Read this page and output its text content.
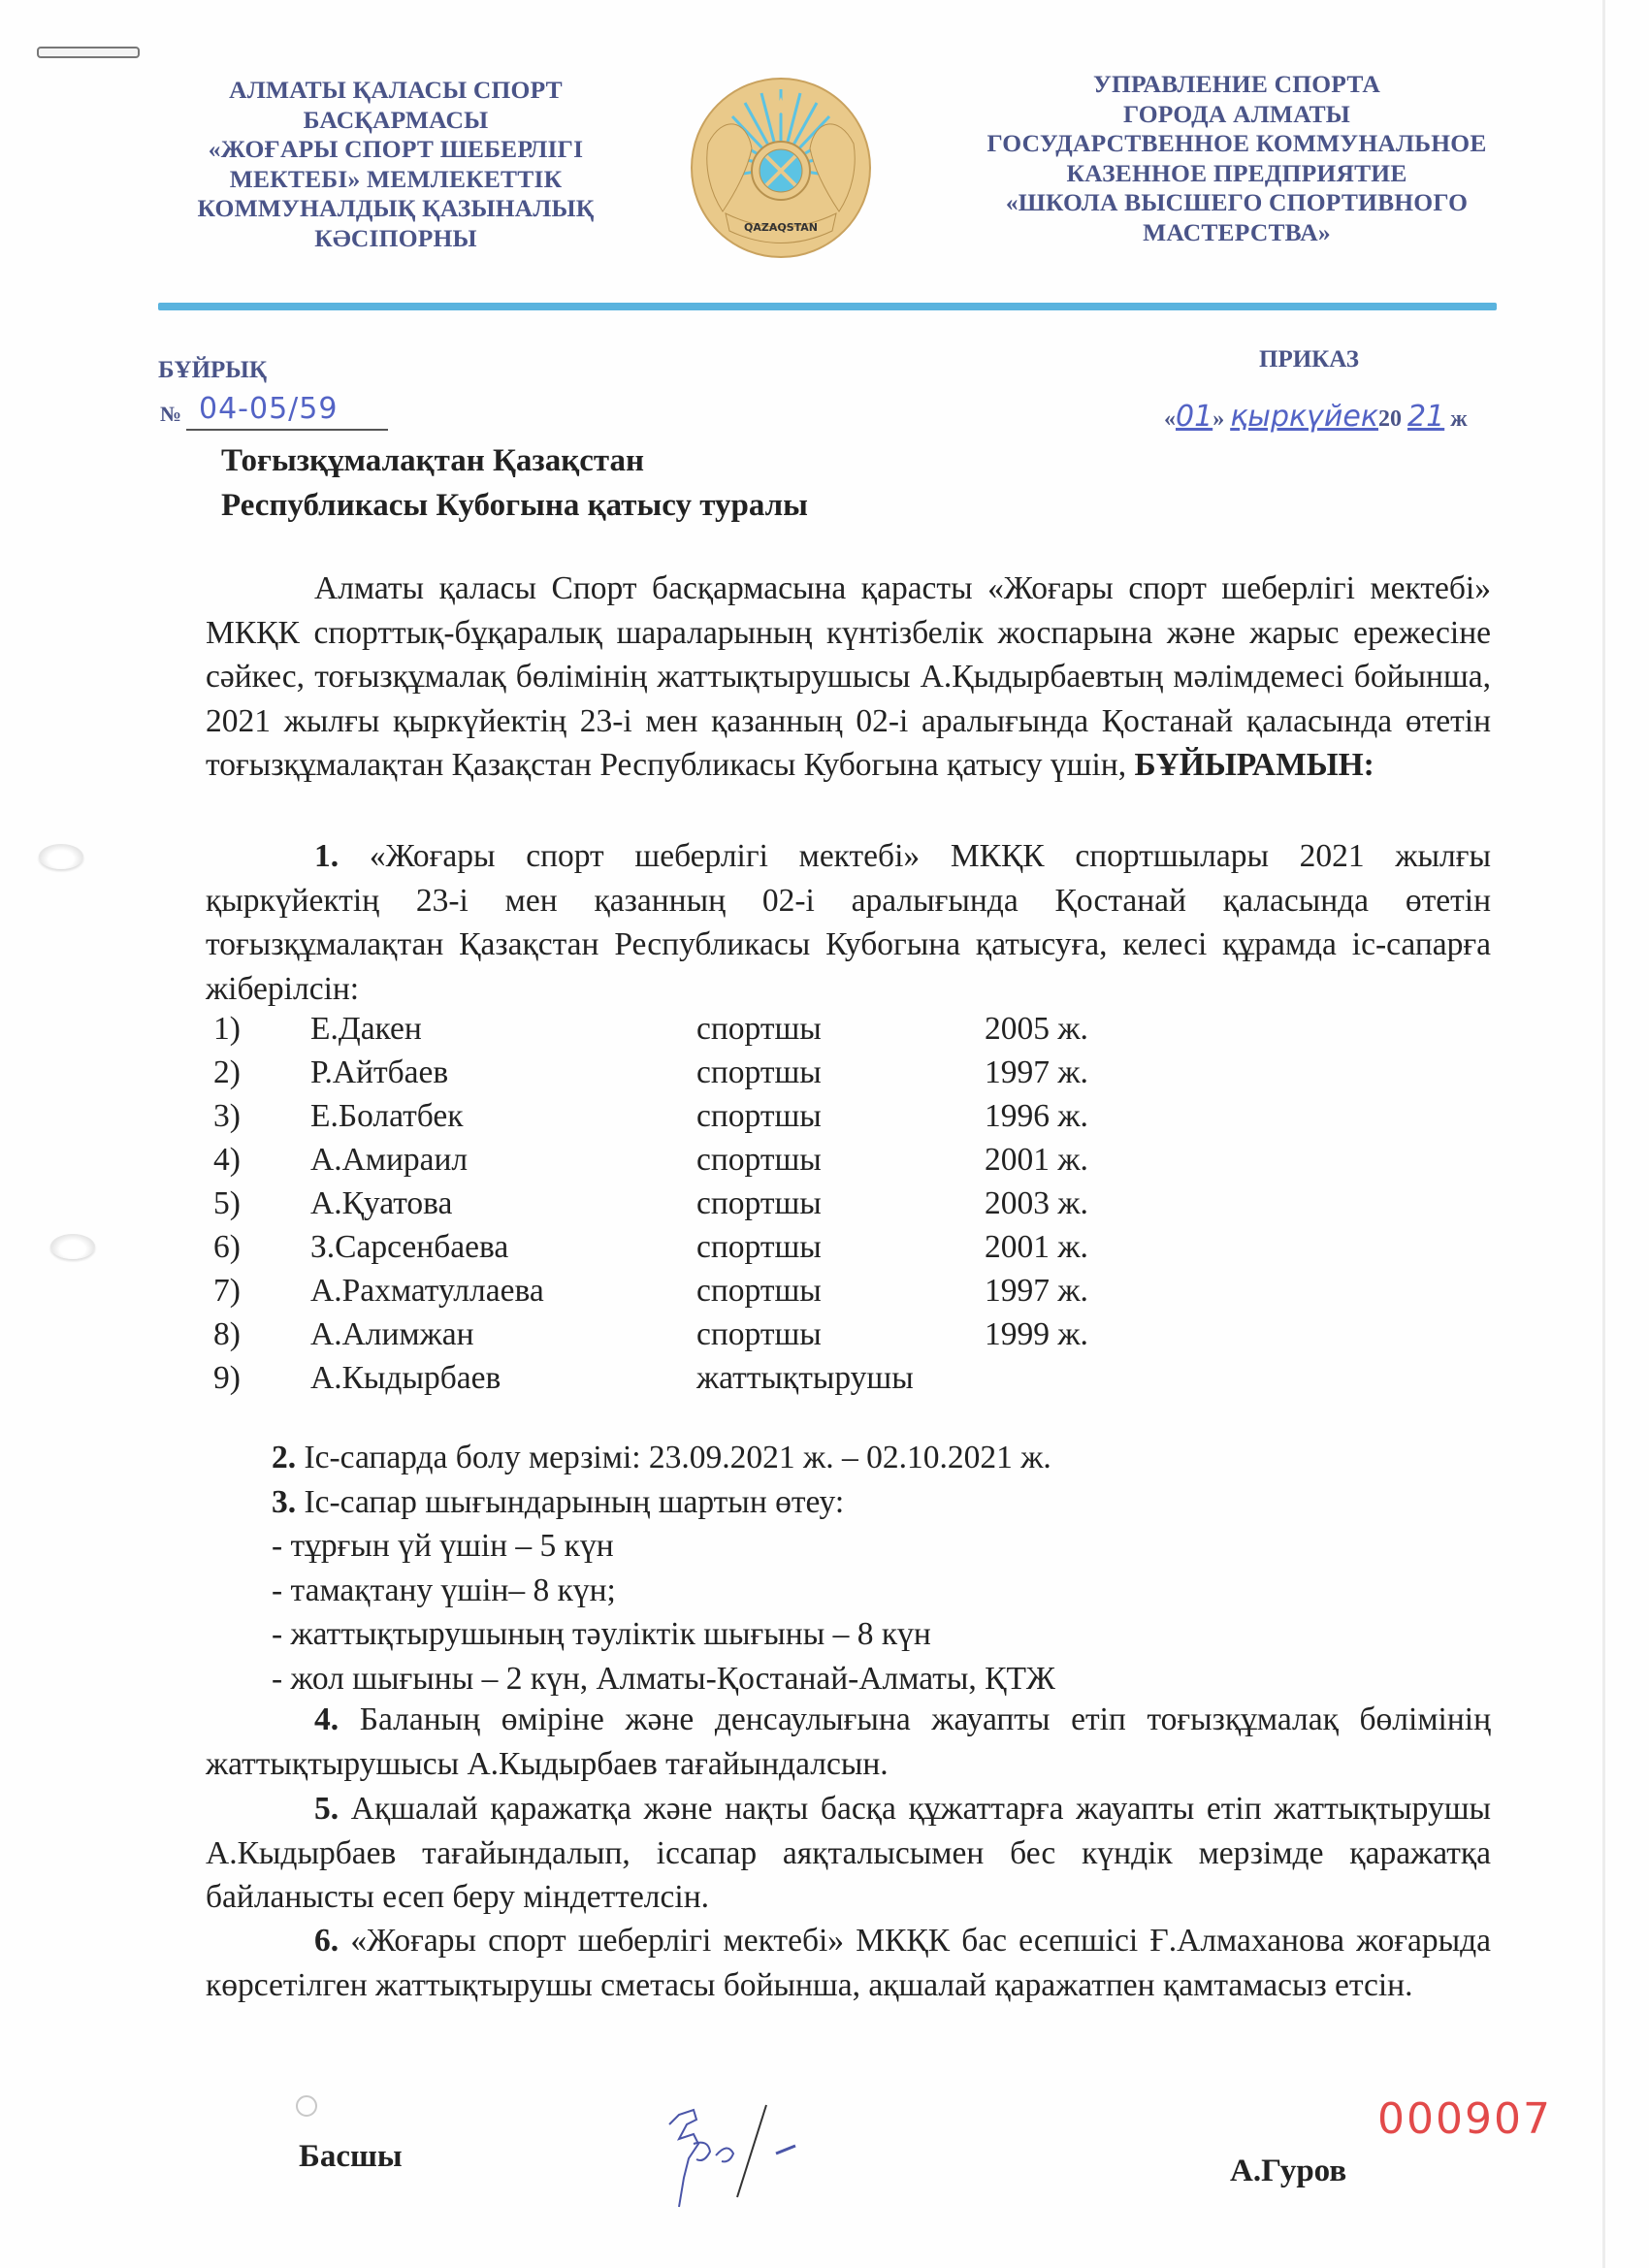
АЛМАТЫ ҚАЛАСЫ СПОРТ
БАСҚАРМАСЫ
«ЖОҒАРЫ СПОРТ ШЕБЕРЛІГІ
МЕКТЕБІ» МЕМЛЕКЕТТІК
КОММУНАЛДЫҚ ҚАЗЫНАЛЫҚ
КӘСІПОРНЫ	QAZAQSTAN
УПРАВЛЕНИЕ СПОРТА
ГОРОДА АЛМАТЫ
ГОСУДАРСТВЕННОЕ КОММУНАЛЬНОЕ
КАЗЕННОЕ ПРЕДПРИЯТИЕ
«ШКОЛА ВЫСШЕГО СПОРТИВНОГО
МАСТЕРСТВА»
БҰЙРЫҚ	ПРИКАЗ
№ 04-05/59	«01» қыркүйек20 21 ж
Тоғызқұмалақтан Қазақстан
Республикасы Кубогына қатысу туралы

Алматы қаласы Спорт басқармасына қарасты «Жоғары спорт шеберлігі мектебі» МКҚК спорттық-бұқаралық шараларының күнтізбелік жоспарына және жарыс ережесіне сәйкес, тоғызқұмалақ бөлімінің жаттықтырушысы А.Қыдырбаевтың мәлімдемесі бойынша, 2021 жылғы қыркүйектің 23-і мен қазанның 02-і аралығында Қостанай қаласында өтетін тоғызқұмалақтан Қазақстан Республикасы Кубогына қатысу үшін, БҰЙЫРАМЫН:

1. «Жоғары спорт шеберлігі мектебі» МКҚК спортшылары 2021 жылғы қыркүйектің 23-і мен қазанның 02-і аралығында Қостанай қаласында өтетін тоғызқұмалақтан Қазақстан Республикасы Кубогына қатысуға, келесі құрамда іс-сапарға жіберілсін:

1) Е.Дакен	спортшы	2005 ж.
2) Р.Айтбаев	спортшы	1997 ж.
3) Е.Болатбек	спортшы	1996 ж.
4) А.Амираил	спортшы	2001 ж.
5) А.Қуатова	спортшы	2003 ж.
6) З.Сарсенбаева	спортшы	2001 ж.
7) А.Рахматуллаева	спортшы	1997 ж.
8) А.Алимжан	спортшы	1999 ж.
9) А.Кыдырбаев	жаттықтырушы

2. Іс-сапарда болу мерзімі: 23.09.2021 ж. – 02.10.2021 ж.

3. Іс-сапар шығындарының шартын өтеу:

- тұрғын үй үшін – 5 күн

- тамақтану үшін– 8 күн;

- жаттықтырушының тәуліктік шығыны – 8 күн

- жол шығыны – 2 күн, Алматы-Қостанай-Алматы, ҚТЖ

4. Баланың өміріне және денсаулығына жауапты етіп тоғызқұмалақ бөлімінің жаттықтырушысы А.Кыдырбаев тағайындалсын.

5. Ақшалай қаражатқа және нақты басқа құжаттарға жауапты етіп жаттықтырушы А.Кыдырбаев тағайындалып, іссапар аяқталысымен бес күндік мерзімде қаражатқа байланысты есеп беру міндеттелсін.

6. «Жоғары спорт шеберлігі мектебі» МКҚК бас есепшісі Ғ.Алмаханова жоғарыда көрсетілген жаттықтырушы сметасы бойынша, ақшалай қаражатпен қамтамасыз етсін.

Басшы	А.Гуров
000907
